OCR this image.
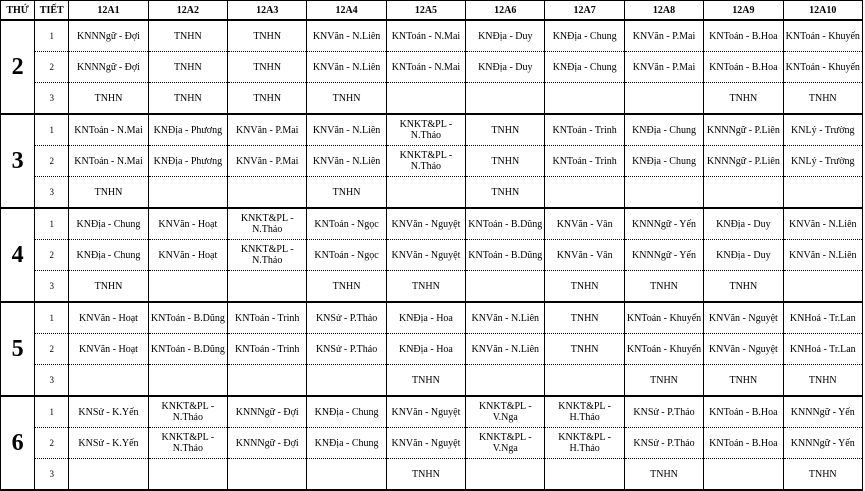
THỨ	TIẾT	12A1	12A2	12A3	12A4	12A5	12A6	12A7	12A8	12A9	12A10
2	1	KNNNgữ - Đợi	TNHN	TNHN	KNVăn - N.Liên	KNToán - N.Mai	KNĐịa - Duy	KNĐịa - Chung	KNVăn - P.Mai	KNToán - B.Hoa	KNToán - Khuyến
	2	KNNNgữ - Đợi	TNHN	TNHN	KNVăn - N.Liên	KNToán - N.Mai	KNĐịa - Duy	KNĐịa - Chung	KNVăn - P.Mai	KNToán - B.Hoa	KNToán - Khuyến
	3	TNHN	TNHN	TNHN	TNHN					TNHN	TNHN
3	1	KNToán - N.Mai	KNĐịa - Phương	KNVăn - P.Mai	KNVăn - N.Liên	KNKT&PL - N.Thảo	TNHN	KNToán - Trinh	KNĐịa - Chung	KNNNgữ - P.Liên	KNLý - Trường
	2	KNToán - N.Mai	KNĐịa - Phương	KNVăn - P.Mai	KNVăn - N.Liên	KNKT&PL - N.Thảo	TNHN	KNToán - Trinh	KNĐịa - Chung	KNNNgữ - P.Liên	KNLý - Trường
	3	TNHN			TNHN		TNHN				
4	1	KNĐịa - Chung	KNVăn - Hoạt	KNKT&PL - N.Thảo	KNToán - Ngọc	KNVăn - Nguyệt	KNToán - B.Dũng	KNVăn - Vân	KNNNgữ - Yến	KNĐịa - Duy	KNVăn - N.Liên
	2	KNĐịa - Chung	KNVăn - Hoạt	KNKT&PL - N.Thảo	KNToán - Ngọc	KNVăn - Nguyệt	KNToán - B.Dũng	KNVăn - Vân	KNNNgữ - Yến	KNĐịa - Duy	KNVăn - N.Liên
	3	TNHN			TNHN	TNHN		TNHN	TNHN	TNHN	
5	1	KNVăn - Hoạt	KNToán - B.Dũng	KNToán - Trinh	KNSử - P.Thảo	KNĐịa - Hoa	KNVăn - N.Liên	TNHN	KNToán - Khuyến	KNVăn - Nguyệt	KNHoá - Tr.Lan
	2	KNVăn - Hoạt	KNToán - B.Dũng	KNToán - Trinh	KNSử - P.Thảo	KNĐịa - Hoa	KNVăn - N.Liên	TNHN	KNToán - Khuyến	KNVăn - Nguyệt	KNHoá - Tr.Lan
	3					TNHN			TNHN	TNHN	TNHN
6	1	KNSử - K.Yến	KNKT&PL - N.Thảo	KNNNgữ - Đợi	KNĐịa - Chung	KNVăn - Nguyệt	KNKT&PL - V.Nga	KNKT&PL - H.Thảo	KNSử - P.Thảo	KNToán - B.Hoa	KNNNgữ - Yến
	2	KNSử - K.Yến	KNKT&PL - N.Thảo	KNNNgữ - Đợi	KNĐịa - Chung	KNVăn - Nguyệt	KNKT&PL - V.Nga	KNKT&PL - H.Thảo	KNSử - P.Thảo	KNToán - B.Hoa	KNNNgữ - Yến
	3					TNHN			TNHN		TNHN
